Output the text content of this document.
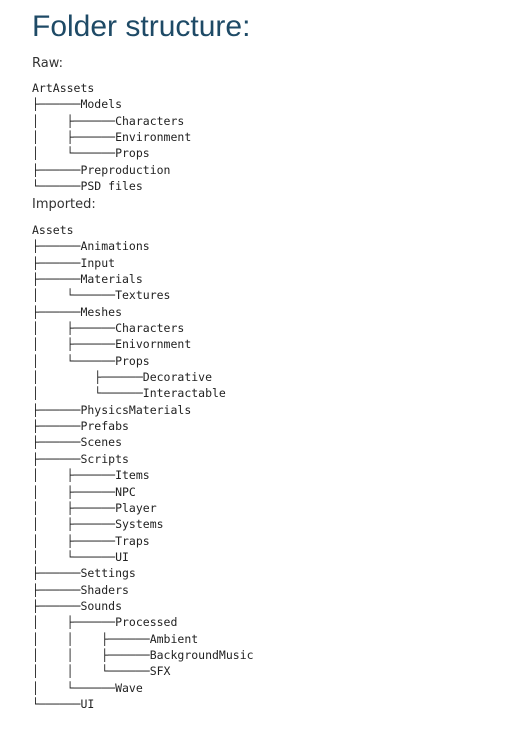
Folder structure:
Raw:
ArtAssets
├──────Models
│    ├──────Characters
│    ├──────Environment
│    └──────Props
├──────Preproduction
└──────PSD files
Imported:
Assets
├──────Animations
├──────Input
├──────Materials
│    └──────Textures
├──────Meshes
│    ├──────Characters
│    ├──────Enivornment
│    └──────Props
│        ├──────Decorative
│        └──────Interactable
├──────PhysicsMaterials
├──────Prefabs
├──────Scenes
├──────Scripts
│    ├──────Items
│    ├──────NPC
│    ├──────Player
│    ├──────Systems
│    ├──────Traps
│    └──────UI
├──────Settings
├──────Shaders
├──────Sounds
│    ├──────Processed
│    │    ├──────Ambient
│    │    ├──────BackgroundMusic
│    │    └──────SFX
│    └──────Wave
└──────UI
